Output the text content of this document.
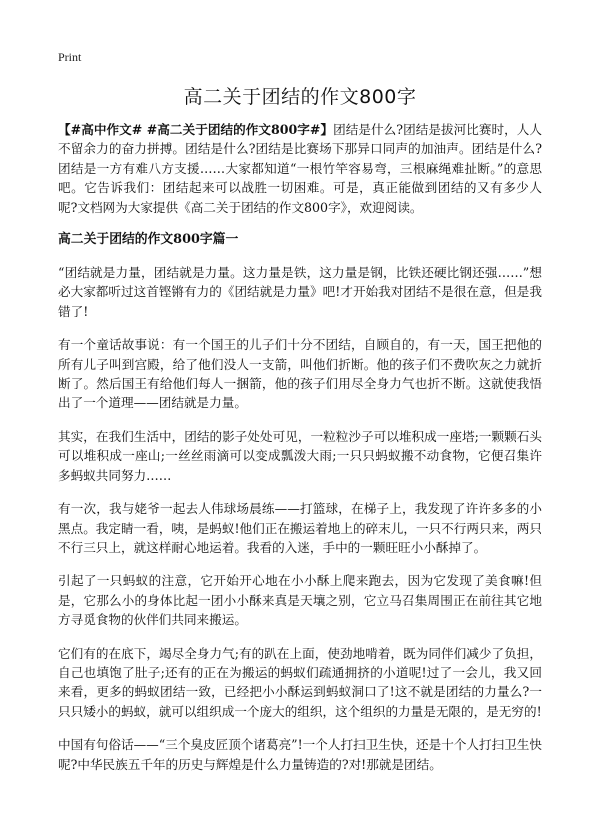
Print
高二关于团结的作文800字

【#高中作文# #高二关于团结的作文800字#】团结是什么?团结是拔河比赛时，人人不留余力的奋力拼搏。团结是什么?团结是比赛场下那异口同声的加油声。团结是什么?团结是一方有难八方支援……大家都知道“一根竹竿容易弯，三根麻绳难扯断。”的意思吧。它告诉我们：团结起来可以战胜一切困难。可是，真正能做到团结的又有多少人呢?文档网为大家提供《高二关于团结的作文800字》，欢迎阅读。

高二关于团结的作文800字篇一

“团结就是力量，团结就是力量。这力量是铁，这力量是钢，比铁还硬比钢还强……”想必大家都听过这首铿锵有力的《团结就是力量》吧!才开始我对团结不是很在意，但是我错了!

有一个童话故事说：有一个国王的儿子们十分不团结，自顾自的，有一天，国王把他的所有儿子叫到宫殿，给了他们没人一支箭，叫他们折断。他的孩子们不费吹灰之力就折断了。然后国王有给他们每人一捆箭，他的孩子们用尽全身力气也折不断。这就使我悟出了一个道理——团结就是力量。

其实，在我们生活中，团结的影子处处可见，一粒粒沙子可以堆积成一座塔;一颗颗石头可以堆积成一座山;一丝丝雨滴可以变成瓢泼大雨;一只只蚂蚁搬不动食物，它便召集许多蚂蚁共同努力……

有一次，我与姥爷一起去人伟球场晨练——打篮球，在梯子上，我发现了许许多多的小黑点。我定睛一看，咦，是蚂蚁!他们正在搬运着地上的碎末儿，一只不行两只来，两只不行三只上，就这样耐心地运着。我看的入迷，手中的一颗旺旺小小酥掉了。

引起了一只蚂蚁的注意，它开始开心地在小小酥上爬来跑去，因为它发现了美食嘛!但是，它那么小的身体比起一团小小酥来真是天壤之别，它立马召集周围正在前往其它地方寻觅食物的伙伴们共同来搬运。

它们有的在底下，竭尽全身力气;有的趴在上面，使劲地啃着，既为同伴们减少了负担，自己也填饱了肚子;还有的正在为搬运的蚂蚁们疏通拥挤的小道呢!过了一会儿，我又回来看，更多的蚂蚁团结一致，已经把小小酥运到蚂蚁洞口了!这不就是团结的力量么?一只只矮小的蚂蚁，就可以组织成一个庞大的组织，这个组织的力量是无限的，是无穷的!

中国有句俗话——“三个臭皮匠顶个诸葛亮”!一个人打扫卫生快，还是十个人打扫卫生快呢?中华民族五千年的历史与辉煌是什么力量铸造的?对!那就是团结。
